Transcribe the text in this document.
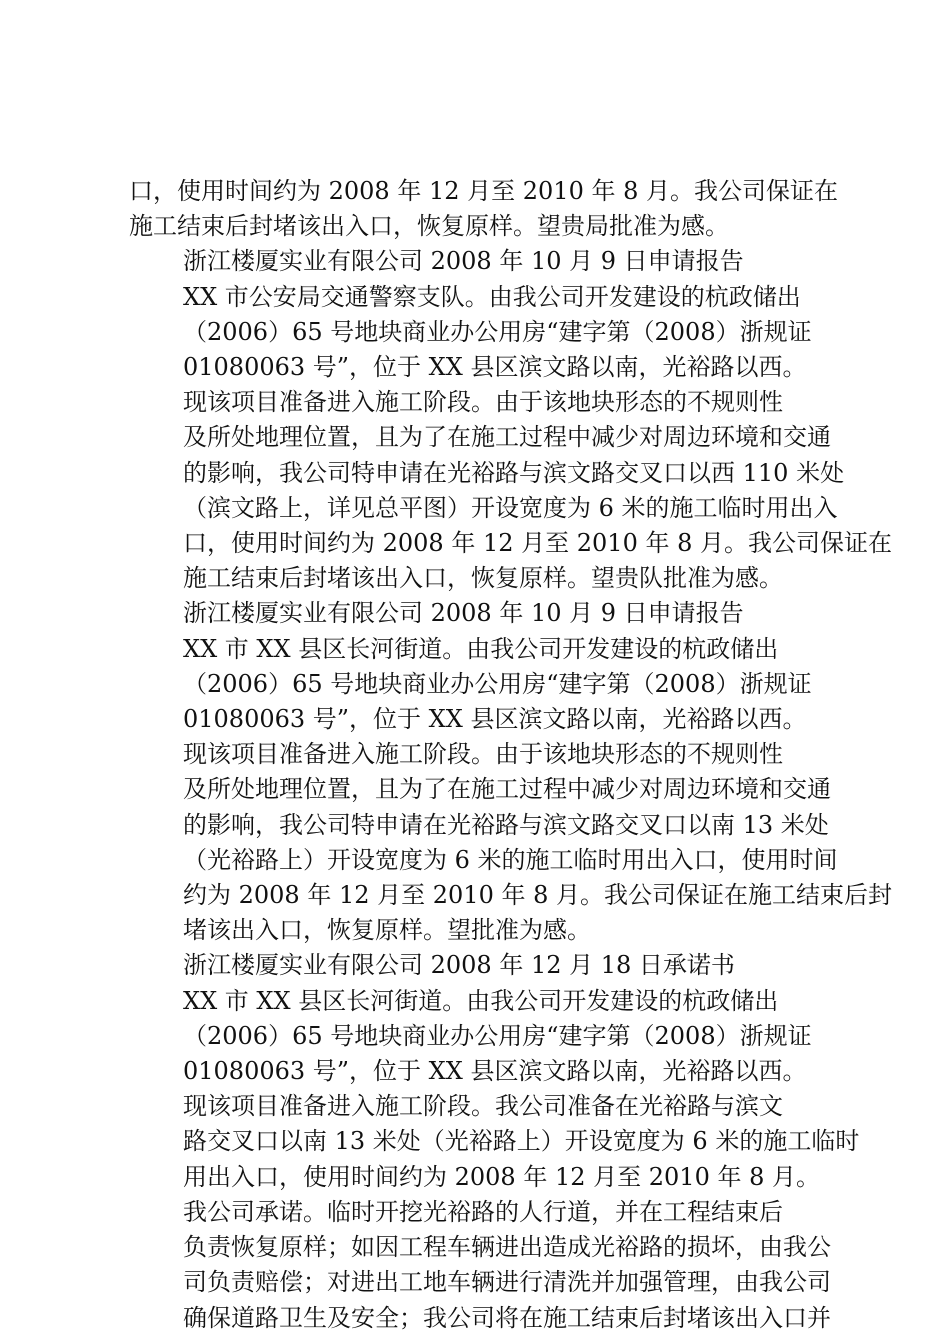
口，使用时间约为 2008 年 12 月至 2010 年 8 月。我公司保证在
施工结束后封堵该出入口，恢复原样。望贵局批准为感。
浙江楼厦实业有限公司 2008 年 10 月 9 日申请报告
XX 市公安局交通警察支队。由我公司开发建设的杭政储出
（2006）65 号地块商业办公用房“建字第（2008）浙规证
01080063 号”，位于 XX 县区滨文路以南，光裕路以西。
现该项目准备进入施工阶段。由于该地块形态的不规则性
及所处地理位置，且为了在施工过程中减少对周边环境和交通
的影响，我公司特申请在光裕路与滨文路交叉口以西 110 米处
（滨文路上，详见总平图）开设宽度为 6 米的施工临时用出入
口，使用时间约为 2008 年 12 月至 2010 年 8 月。我公司保证在
施工结束后封堵该出入口，恢复原样。望贵队批准为感。
浙江楼厦实业有限公司 2008 年 10 月 9 日申请报告
XX 市 XX 县区长河街道。由我公司开发建设的杭政储出
（2006）65 号地块商业办公用房“建字第（2008）浙规证
01080063 号”，位于 XX 县区滨文路以南，光裕路以西。
现该项目准备进入施工阶段。由于该地块形态的不规则性
及所处地理位置，且为了在施工过程中减少对周边环境和交通
的影响，我公司特申请在光裕路与滨文路交叉口以南 13 米处
（光裕路上）开设宽度为 6 米的施工临时用出入口，使用时间
约为 2008 年 12 月至 2010 年 8 月。我公司保证在施工结束后封
堵该出入口，恢复原样。望批准为感。
浙江楼厦实业有限公司 2008 年 12 月 18 日承诺书
XX 市 XX 县区长河街道。由我公司开发建设的杭政储出
（2006）65 号地块商业办公用房“建字第（2008）浙规证
01080063 号”，位于 XX 县区滨文路以南，光裕路以西。
现该项目准备进入施工阶段。我公司准备在光裕路与滨文
路交叉口以南 13 米处（光裕路上）开设宽度为 6 米的施工临时
用出入口，使用时间约为 2008 年 12 月至 2010 年 8 月。
我公司承诺。临时开挖光裕路的人行道，并在工程结束后
负责恢复原样；如因工程车辆进出造成光裕路的损坏，由我公
司负责赔偿；对进出工地车辆进行清洗并加强管理，由我公司
确保道路卫生及安全；我公司将在施工结束后封堵该出入口并
